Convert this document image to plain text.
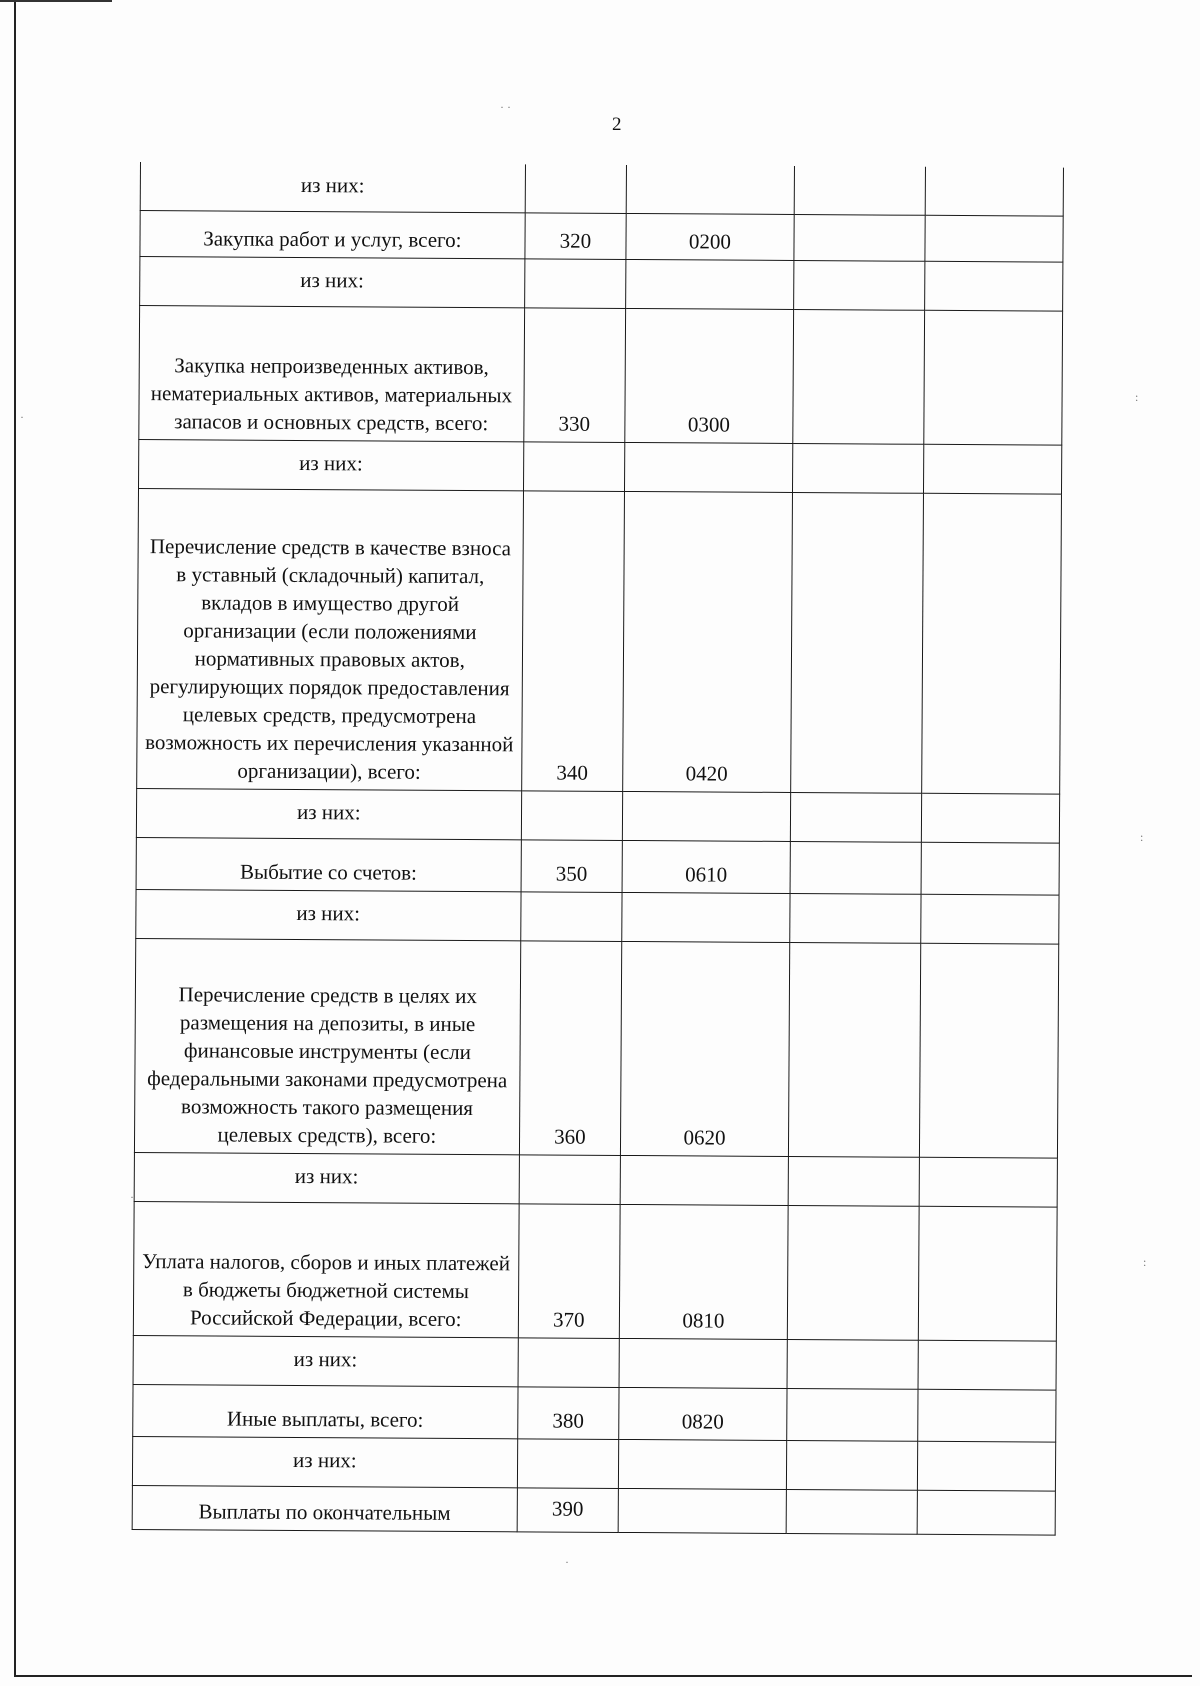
2
из них:				
Закупка работ и услуг, всего:	320	0200		
из них:				
Закупка непроизведенных активов, нематериальных активов, материальных запасов и основных средств, всего:	330	0300		
из них:				
Перечисление средств в качестве взноса в уставный (складочный) капитал, вкладов в имущество другой организации (если положениями нормативных правовых актов, регулирующих порядок предоставления целевых средств, предусмотрена возможность их перечисления указанной организации), всего:	340	0420		
из них:				
Выбытие со счетов:	350	0610		
из них:				
Перечисление средств в целях их размещения на депозиты, в иные финансовые инструменты (если федеральными законами предусмотрена возможность такого размещения целевых средств), всего:	360	0620		
из них:				
Уплата налогов, сборов и иных платежей в бюджеты бюджетной системы Российской Федерации, всего:	370	0810		
из них:				
Иные выплаты, всего:	380	0820		
из них:				
Выплаты по окончательным	390			
· ·
:
:
:
·
·
·
